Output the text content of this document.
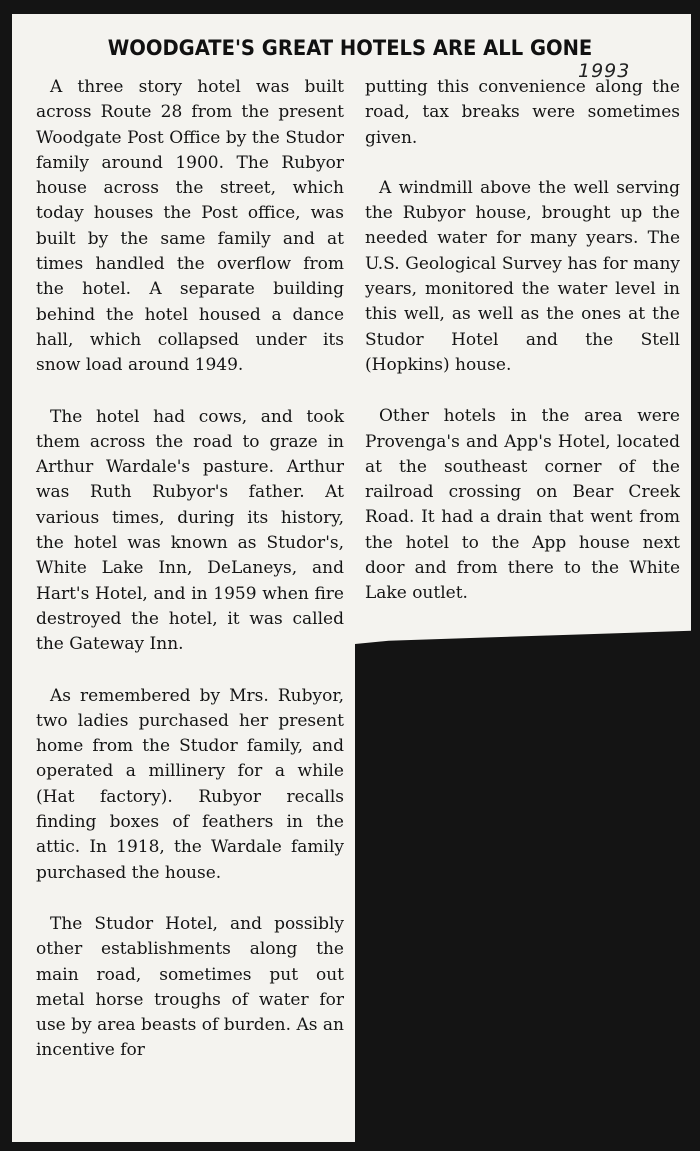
WOODGATE'S GREAT HOTELS ARE ALL GONE
1993

A three story hotel was built across Route 28 from the present Woodgate Post Office by the Studor family around 1900. The Rubyor house across the street, which today houses the Post office, was built by the same family and at times handled the overflow from the hotel. A separate building behind the hotel housed a dance hall, which collapsed under its snow load around 1949.

The hotel had cows, and took them across the road to graze in Arthur Wardale's pasture. Arthur was Ruth Rubyor's father. At various times, during its history, the hotel was known as Studor's, White Lake Inn, DeLaneys, and Hart's Hotel, and in 1959 when fire destroyed the hotel, it was called the Gateway Inn.

As remembered by Mrs. Rubyor, two ladies purchased her present home from the Studor family, and operated a millinery for a while (Hat factory). Rubyor recalls finding boxes of feathers in the attic. In 1918, the Wardale family purchased the house.

The Studor Hotel, and possibly other establishments along the main road, sometimes put out metal horse troughs of water for use by area beasts of burden. As an incentive for

putting this convenience along the road, tax breaks were sometimes given.

A windmill above the well serving the Rubyor house, brought up the needed water for many years. The U.S. Geological Survey has for many years, monitored the water level in this well, as well as the ones at the Studor Hotel and the Stell (Hopkins) house.

Other hotels in the area were Provenga's and App's Hotel, located at the southeast corner of the railroad crossing on Bear Creek Road. It had a drain that went from the hotel to the App house next door and from there to the White Lake outlet.
